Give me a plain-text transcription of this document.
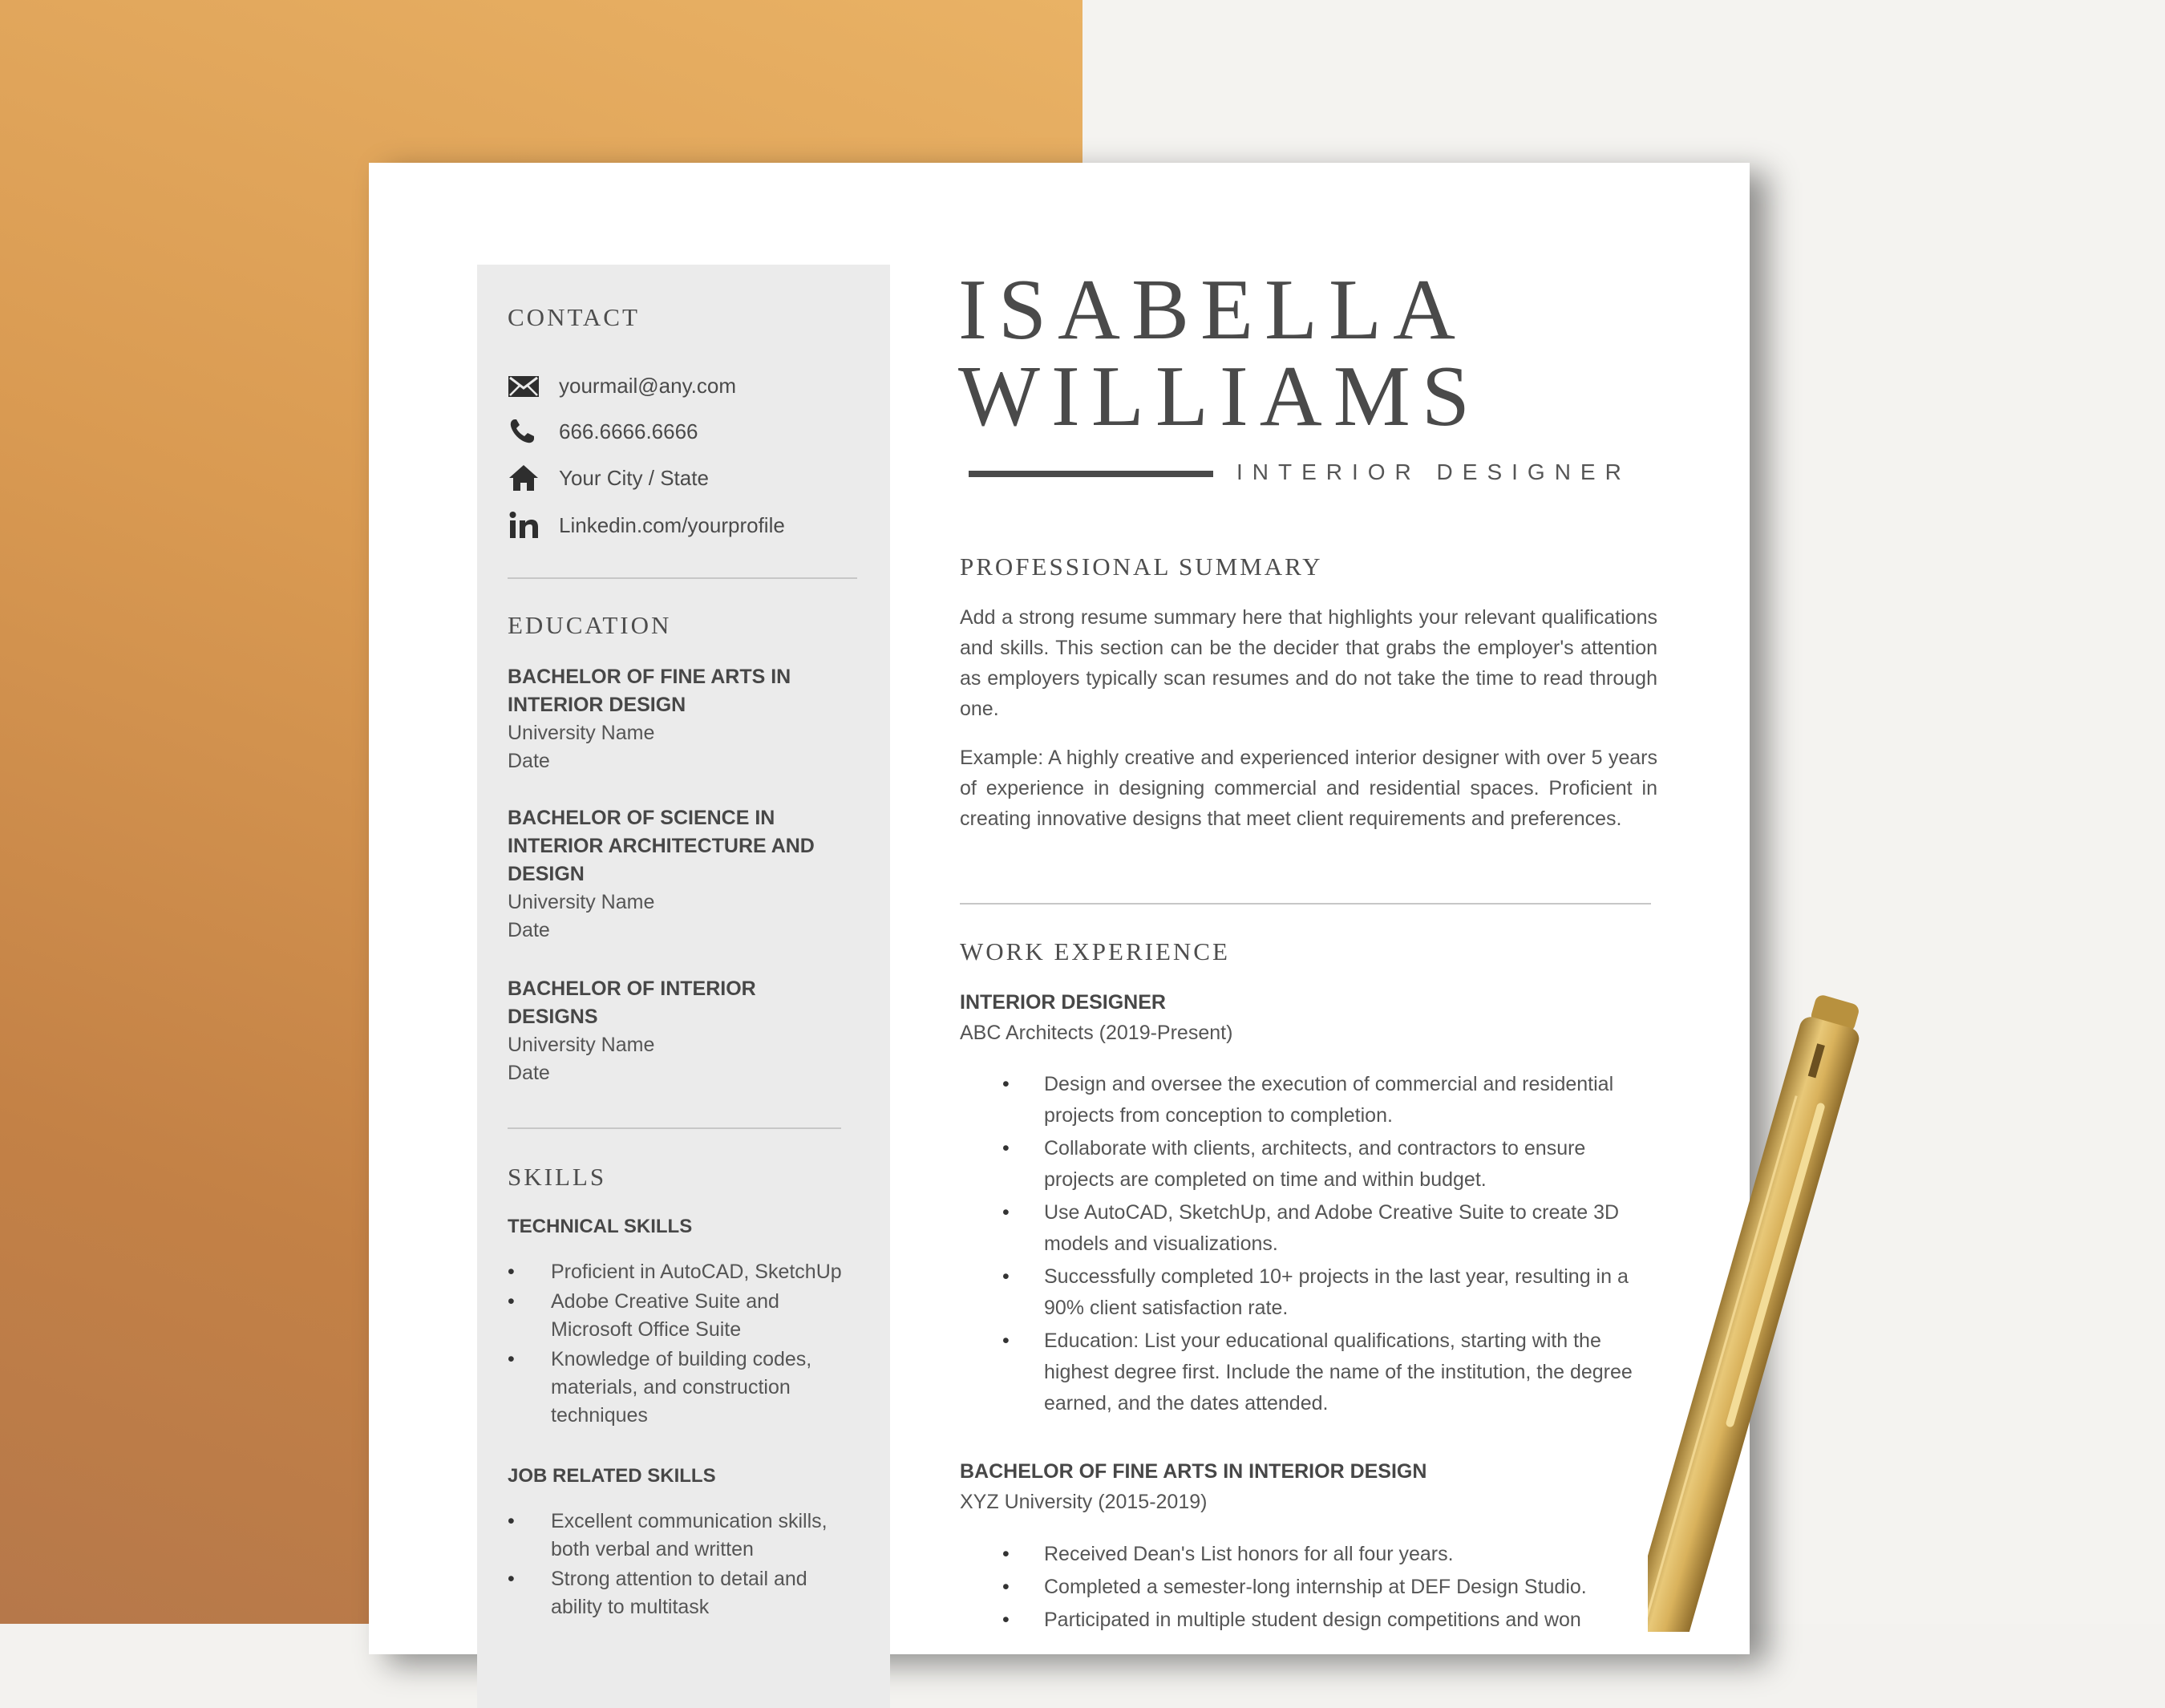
CONTACT
yourmail@any.com
666.6666.6666
Your City / State
Linkedin.com/yourprofile
EDUCATION
BACHELOR OF FINE ARTS IN
INTERIOR DESIGN
University Name
Date
BACHELOR OF SCIENCE IN
INTERIOR ARCHITECTURE AND
DESIGN
University Name
Date
BACHELOR OF INTERIOR
DESIGNS
University Name
Date
SKILLS
TECHNICAL SKILLS
• Proficient in AutoCAD, SketchUp
• Adobe Creative Suite and Microsoft Office Suite
• Knowledge of building codes, materials, and construction techniques
JOB RELATED SKILLS
• Excellent communication skills, both verbal and written
• Strong attention to detail and ability to multitask
ISABELLA
WILLIAMS
INTERIOR DESIGNER
PROFESSIONAL SUMMARY

Add a strong resume summary here that highlights your relevant qualifications and skills. This section can be the decider that grabs the employer's attention as employers typically scan resumes and do not take the time to read through one.

Example: A highly creative and experienced interior designer with over 5 years of experience in designing commercial and residential spaces. Proficient in creating innovative designs that meet client requirements and preferences.

WORK EXPERIENCE
INTERIOR DESIGNER
ABC Architects (2019-Present)
• Design and oversee the execution of commercial and residential projects from conception to completion.
• Collaborate with clients, architects, and contractors to ensure projects are completed on time and within budget.
• Use AutoCAD, SketchUp, and Adobe Creative Suite to create 3D models and visualizations.
• Successfully completed 10+ projects in the last year, resulting in a 90% client satisfaction rate.
• Education: List your educational qualifications, starting with the highest degree first. Include the name of the institution, the degree earned, and the dates attended.
BACHELOR OF FINE ARTS IN INTERIOR DESIGN
XYZ University (2015-2019)
• Received Dean's List honors for all four years.
• Completed a semester-long internship at DEF Design Studio.
• Participated in multiple student design competitions and won
